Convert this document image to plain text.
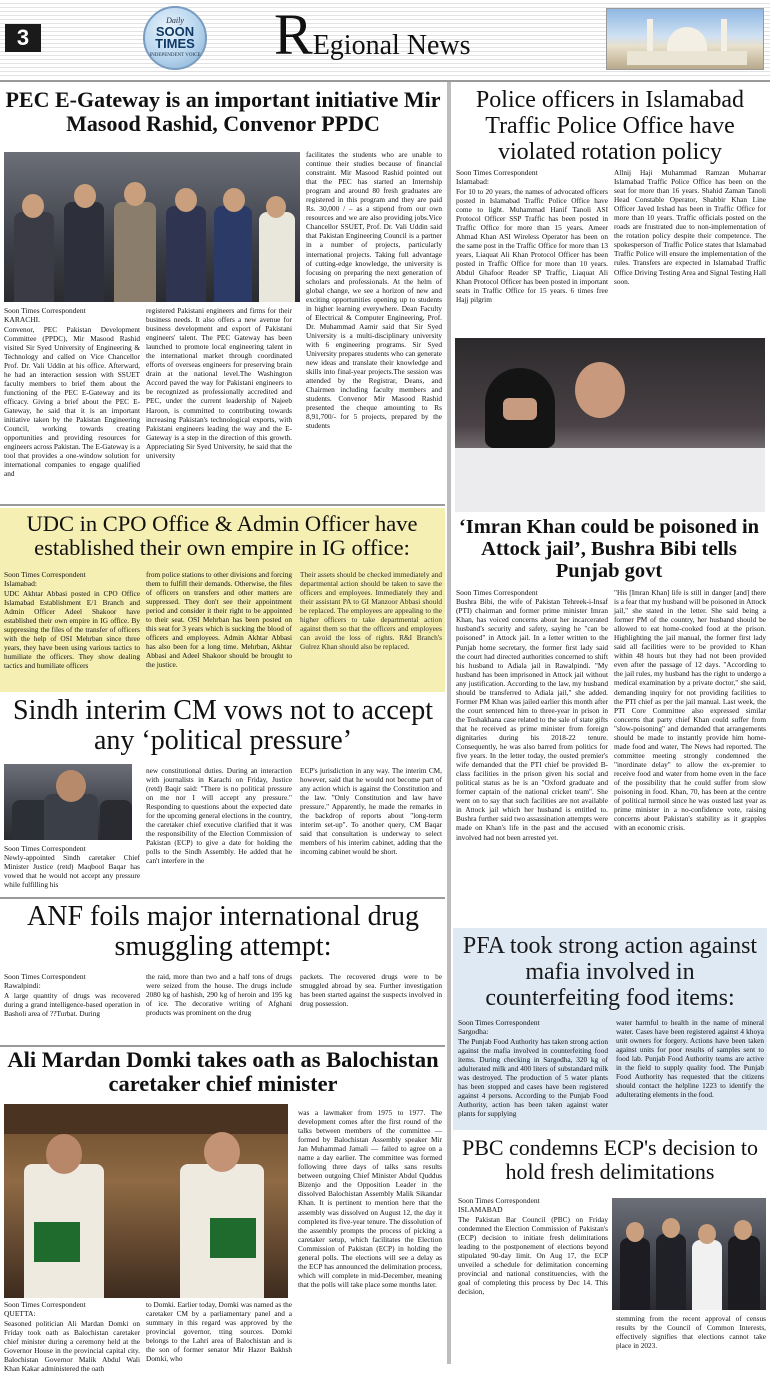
3
Daily
SOON TIMES
INDEPENDENT VOICE REgional News
PEC E-Gateway is an important initiative Mir Masood Rashid, Convenor PPDC
Soon Times Correspondent
KARACHI.
Convenor, PEC Pakistan Development Committee (PPDC), Mir Masood Rashid visited Sir Syed University of Engineering & Technology and called on Vice Chancellor Prof. Dr. Vali Uddin at his office. Afterward, he had an interaction session with SSUET faculty members to brief them about the functioning of the PEC E-Gateway and its efficacy. Giving a brief about the PEC E-Gateway, he said that it is an important initiative taken by the Pakistan Engineering Council, working towards creating opportunities and providing resources for engineers across Pakistan. The E-Gateway is a tool that provides a one-window solution for international companies to engage qualified and
registered Pakistani engineers and firms for their business needs. It also offers a new avenue for business development and export of Pakistani engineers' talent. The PEC Gateway has been launched to promote local engineering talent in the international market through coordinated efforts of overseas engineers for preserving brain drain at the national level.The Washington Accord paved the way for Pakistani engineers to be recognized as professionally accredited and PEC, under the current leadership of Najeeb Haroon, is committed to contributing towards increasing Pakistan's technological exports, with Pakistani engineers leading the way and the E-Gateway is a step in the direction of this growth. Appreciating Sir Syed University, he said that the university
facilitates the students who are unable to continue their studies because of financial constraint. Mir Masood Rashid pointed out that the PEC has started an Internship program and around 80 fresh graduates are registered in this program and they are paid Rs. 30,000 / – as a stipend from our own resources and we are also providing jobs.Vice Chancellor SSUET, Prof. Dr. Vali Uddin said that Pakistan Engineering Council is a partner in a number of projects, particularly international projects. Taking full advantage of cutting-edge knowledge, the university is focusing on preparing the next generation of scholars and professionals. At the helm of global change, we see a horizon of new and exciting opportunities opening up to students in higher learning everywhere. Dean Faculty of Electrical & Computer Engineering, Prof. Dr. Muhammad Aamir said that Sir Syed University is a multi-disciplinary university with 6 engineering programs. Sir Syed University prepares students who can generate new ideas and translate their knowledge and skills into final-year projects.The session was attended by the Registrar, Deans, and Chairmen including faculty members and students. Convenor Mir Masood Rashid presented the cheque amounting to Rs 8,91,700/- for 5 projects, prepared by the students
Police officers in Islamabad Traffic Police Office have violated rotation policy
Soon Times Correspondent
Islamabad:
For 10 to 20 years, the names of advocated officers posted in Islamabad Traffic Police Office have come to light. Muhammad Hanif Tanoli ASI Protocol Officer SSP Traffic has been posted in Traffic Office for more than 15 years. Ameer Ahmad Khan ASI Wireless Operator has been on the same post in the Traffic Office for more than 13 years, Liaquat Ali Khan Protocol Officer has been posted in Traffic Office for more than 10 years. Abdul Ghafoor Reader SP Traffic, Liaquat Ali Khan Protocol Officer has been posted in important seats in Traffic Office for 15 years. 6 times free Hajj pilgrim
Allnij Haji Muhammad Ramzan Muharrar Islamabad Traffic Police Office has been on the seat for more than 16 years. Shahid Zaman Tanoli Head Constable Operator, Shabbir Khan Line Officer Javed Irshad has been in Traffic Office for more than 10 years. Traffic officials posted on the roads are frustrated due to non-implementation of the rotation policy despite their competence. The spokesperson of Traffic Police states that Islamabad Traffic Police will ensure the implementation of the rules. Transfers are expected in Islamabad Traffic Office Driving Testing Area and Signal Testing Hall soon.
UDC in CPO Office & Admin Officer have established their own empire in IG office:
Soon Times Correspondent
Islamabad:
UDC Akhtar Abbasi posted in CPO Office Islamabad Establishment E/1 Branch and Admin Officer Adeel Shakoor have established their own empire in IG office. By suppressing the files of the transfer of officers with the help of OSI Mehrban since three years, they have been using various tactics to humiliate the officers. They show dealing tactics and humiliate officers
from police stations to other divisions and forcing them to fulfill their demands. Otherwise, the files of officers on transfers and other matters are suppressed. They don't see their appointment period and consider it their right to be appointed to their seat. OSI Mehrban has been posted on this seat for 3 years which is sucking the blood of officers and employees. Admin Akhtar Abbasi has also been for a long time. Mehrban, Akhtar Abbasi and Adeel Shakoor should be brought to the justice.
Their assets should be checked immediately and departmental action should be taken to save the officers and employees. Immediately they and their assistant PA to GI Manzoor Abbasi should be replaced. The employees are appealing to the higher officers to take departmental action against them so that the officers and employees can avoid the loss of rights. R&I Branch's Gulrez Khan should also be replaced.
‘Imran Khan could be poisoned in Attock jail’, Bushra Bibi tells Punjab govt
Soon Times Correspondent
Bushra Bibi, the wife of Pakistan Tehreek-i-Insaf (PTI) chairman and former prime minister Imran Khan, has voiced concerns about her incarcerated husband's security and safety, saying he "can be poisoned" in Attock jail. In a letter written to the Punjab home secretary, the former first lady said the court had directed authorities concerned to shift his husband to Adiala jail in Rawalpindi. "My husband has been imprisoned in Attock jail without any justification. According to the law, my husband should be transferred to Adiala jail," she added. Former PM Khan was jailed earlier this month after the court sentenced him to three-year in prison in the Toshakhana case related to the sale of state gifts that he received as prime minister from foreign dignitaries during his 2018-22 tenure. Consequently, he was also barred from politics for five years. In the letter today, the ousted premier's wife demanded that the PTI chief be provided B-class facilities in the prison given his social and political status as he is an "Oxford graduate and former captain of the national cricket team". She went on to say that such facilities are not available in Attock jail which her husband is entitled to. Bushra further said two assassination attempts were made on Khan's life in the past and the accused involved had not been arrested yet.
"His [Imran Khan] life is still in danger [and] there is a fear that my husband will be poisoned in Attock jail," she stated in the letter. She said being a former PM of the country, her husband should be allowed to eat home-cooked food at the prison. Highlighting the jail manual, the former first lady said all facilities were to be provided to Khan within 48 hours but they had not been provided even after the passage of 12 days. "According to the jail rules, my husband has the right to undergo a medical examination by a private doctor," she said, demanding inquiry for not providing facilities to the PTI chief as per the jail manual. Last week, the PTI Core Committee also expressed similar concerns that party chief Khan could suffer from "slow-poisoning" and demanded that arrangements should be made to instantly provide him home-made food and water, The News had reported. The committee meeting strongly condemned the "inordinate delay" to allow the ex-premier to receive food and water from home even in the face of the possibility that he could suffer from slow poisoning in food. Khan, 70, has been at the centre of political turmoil since he was ousted last year as prime minister in a no-confidence vote, raising concerns about Pakistan's stability as it grapples with an economic crisis.
Sindh interim CM vows not to accept any ‘political pressure’
Soon Times Correspondent
Newly-appointed Sindh caretaker Chief Minister Justice (retd) Maqbool Baqar has vowed that he would not accept any pressure while fulfilling his
new constitutional duties. During an interaction with journalists in Karachi on Friday, Justice (retd) Baqir said: "There is no political pressure on me nor I will accept any pressure." Responding to questions about the expected date for the upcoming general elections in the country, the caretaker chief executive clarified that it was the responsibility of the Election Commission of Pakistan (ECP) to give a date for holding the polls to the Sindh Assembly. He added that he can't interfere in the
ECP's jurisdiction in any way. The interim CM, however, said that he would not become part of any action which is against the Constitution and the law. "Only Constitution and law have pressure." Apparently, he made the remarks in the backdrop of reports about "long-term interim set-up". To another query, CM Baqar said that consultation is underway to select members of his interim cabinet, adding that the incoming cabinet would be short.
ANF foils major international drug smuggling attempt:
Soon Times Correspondent
Rawalpindi:
A large quantity of drugs was recovered during a grand intelligence-based operation in Basholi area of ??Turbat. During
the raid, more than two and a half tons of drugs were seized from the house. The drugs include 2080 kg of hashish, 290 kg of heroin and 195 kg of ice. The decorative writing of Afghani products was prominent on the drug
packets. The recovered drugs were to be smuggled abroad by sea. Further investigation has been started against the suspects involved in drug possession.
PFA took strong action against mafia involved in counterfeiting food items:
Soon Times Correspondent
Sargodha:
The Punjab Food Authority has taken strong action against the mafia involved in counterfeiting food items. During checking in Sargodha, 320 kg of adulterated milk and 400 liters of substandard milk was destroyed. The production of 5 water plants has been stopped and cases have been registered against 4 persons. According to the Punjab Food Authority, action has been taken against water plants for supplying
water harmful to health in the name of mineral water. Cases have been registered against 4 khoya unit owners for forgery. Actions have been taken against units for poor results of samples sent to food lab. Punjab Food Authority teams are active in the field to supply quality food. The Punjab Food Authority has requested that the citizens should contact the helpline 1223 to identify the adulterating elements in the food.
Ali Mardan Domki takes oath as Balochistan caretaker chief minister
Soon Times Correspondent
QUETTA:
Seasoned politician Ali Mardan Domki on Friday took oath as Balochistan caretaker chief minister during a ceremony held at the Governor House in the provincial capital city. Balochistan Governor Malik Abdul Wali Khan Kakar administered the oath
to Domki. Earlier today, Domki was named as the caretaker CM by a parliamentary panel and a summary in this regard was approved by the provincial governor, tting sources. Domki belongs to the Lahri area of Balochistan and is the son of former senator Mir Hazor Bakhsh Domki, who
was a lawmaker from 1975 to 1977. The development comes after the first round of the talks between members of the committee — formed by Balochistan Assembly speaker Mir Jan Muhammad Jamali — failed to agree on a name a day earlier. The committee was formed following three days of talks sans results between outgoing Chief Minister Abdul Quddus Bizenjo and the Opposition Leader in the dissolved Balochistan Assembly Malik Sikandar Khan. It is pertinent to mention here that the assembly was dissolved on August 12, the day it completed its five-year tenure. The dissolution of the assembly prompts the process of picking a caretaker setup, which facilitates the Election Commission of Pakistan (ECP) in holding the general polls. The elections will see a delay as the ECP has announced the delimitation process, which will complete in mid-December, meaning that the polls will take place some months later.
PBC condemns ECP's decision to hold fresh delimitations
Soon Times Correspondent
ISLAMABAD
The Pakistan Bar Council (PBC) on Friday condemned the Election Commission of Pakistan's (ECP) decision to initiate fresh delimitations leading to the postponement of elections beyond stipulated 90-day limit. On Aug 17, the ECP unveiled a schedule for delimitation concerning provincial and national constituencies, with the goal of completing this process by Dec 14. This decision,
stemming from the recent approval of census results by the Council of Common Interests, effectively signifies that elections cannot take place in 2023.
